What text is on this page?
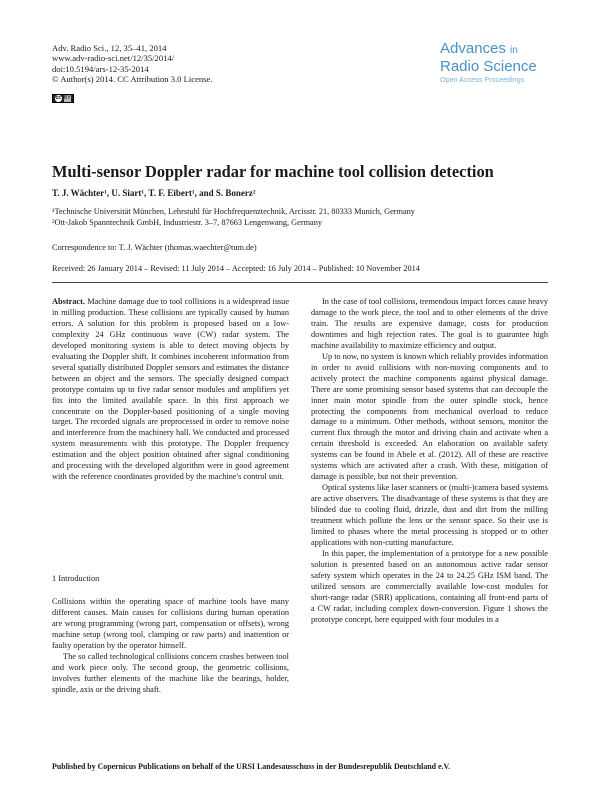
Adv. Radio Sci., 12, 35–41, 2014
www.adv-radio-sci.net/12/35/2014/
doi:10.5194/ars-12-35-2014
© Author(s) 2014. CC Attribution 3.0 License.
cc BY
Advances in
Radio Science
Open Access Proceedings
Multi-sensor Doppler radar for machine tool collision detection
T. J. Wächter¹, U. Siart¹, T. F. Eibert¹, and S. Bonerz²
¹Technische Universität München, Lehrstuhl für Hochfrequenztechnik, Arcisstr. 21, 80333 Munich, Germany
²Ott-Jakob Spanntechnik GmbH, Industriestr. 3–7, 87663 Lengenwang, Germany
Correspondence to: T. J. Wächter (thomas.waechter@tum.de)
Received: 26 January 2014 – Revised: 11 July 2014 – Accepted: 16 July 2014 – Published: 10 November 2014

Abstract. Machine damage due to tool collisions is a widespread issue in milling production. These collisions are typically caused by human errors. A solution for this problem is proposed based on a low-complexity 24 GHz continuous wave (CW) radar system. The developed monitoring system is able to detect moving objects by evaluating the Doppler shift. It combines incoherent information from several spatially distributed Doppler sensors and estimates the distance between an object and the sensors. The specially designed compact prototype contains up to five radar sensor modules and amplifiers yet fits into the limited available space. In this first approach we concentrate on the Doppler-based positioning of a single moving target. The recorded signals are preprocessed in order to remove noise and interference from the machinery hall. We conducted and processed system measurements with this prototype. The Doppler frequency estimation and the object position obtained after signal conditioning and processing with the developed algorithm were in good agreement with the reference coordinates provided by the machine's control unit.

1 Introduction

Collisions within the operating space of machine tools have many different causes. Main causes for collisions during human operation are wrong programming (wrong part, compensation or offsets), wrong machine setup (wrong tool, clamping or raw parts) and inattention or faulty operation by the operator himself.

The so called technological collisions concern crashes between tool and work piece only. The second group, the geometric collisions, involves further elements of the machine like the bearings, holder, spindle, axis or the driving shaft.

In the case of tool collisions, tremendous impact forces cause heavy damage to the work piece, the tool and to other elements of the drive train. The results are expensive damage, costs for production downtimes and high rejection rates. The goal is to guarantee high machine availability to maximize efficiency and output.

Up to now, no system is known which reliably provides information in order to avoid collisions with non-moving components and to actively protect the machine components against physical damage. There are some promising sensor based systems that can decouple the inner main motor spindle from the outer spindle stock, hence protecting the components from mechanical overload to reduce damage to a minimum. Other methods, without sensors, monitor the current flux through the motor and driving chain and activate when a certain threshold is exceeded. An elaboration on available safety systems can be found in Abele et al. (2012). All of these are reactive systems which are activated after a crash. With these, mitigation of damage is possible, but not their prevention.

Optical systems like laser scanners or (multi-)camera based systems are active observers. The disadvantage of these systems is that they are blinded due to cooling fluid, drizzle, dust and dirt from the milling treatment which pollute the lens or the sensor space. So their use is limited to phases where the metal processing is stopped or to other applications with non-cutting manufacture.

In this paper, the implementation of a prototype for a new possible solution is presented based on an autonomous active radar sensor safety system which operates in the 24 to 24.25 GHz ISM band. The utilized sensors are commercially available low-cost modules for short-range radar (SRR) applications, containing all front-end parts of a CW radar, including complex down-conversion. Figure 1 shows the prototype concept, here equipped with four modules in a

Published by Copernicus Publications on behalf of the URSI Landesausschuss in der Bundesrepublik Deutschland e.V.
